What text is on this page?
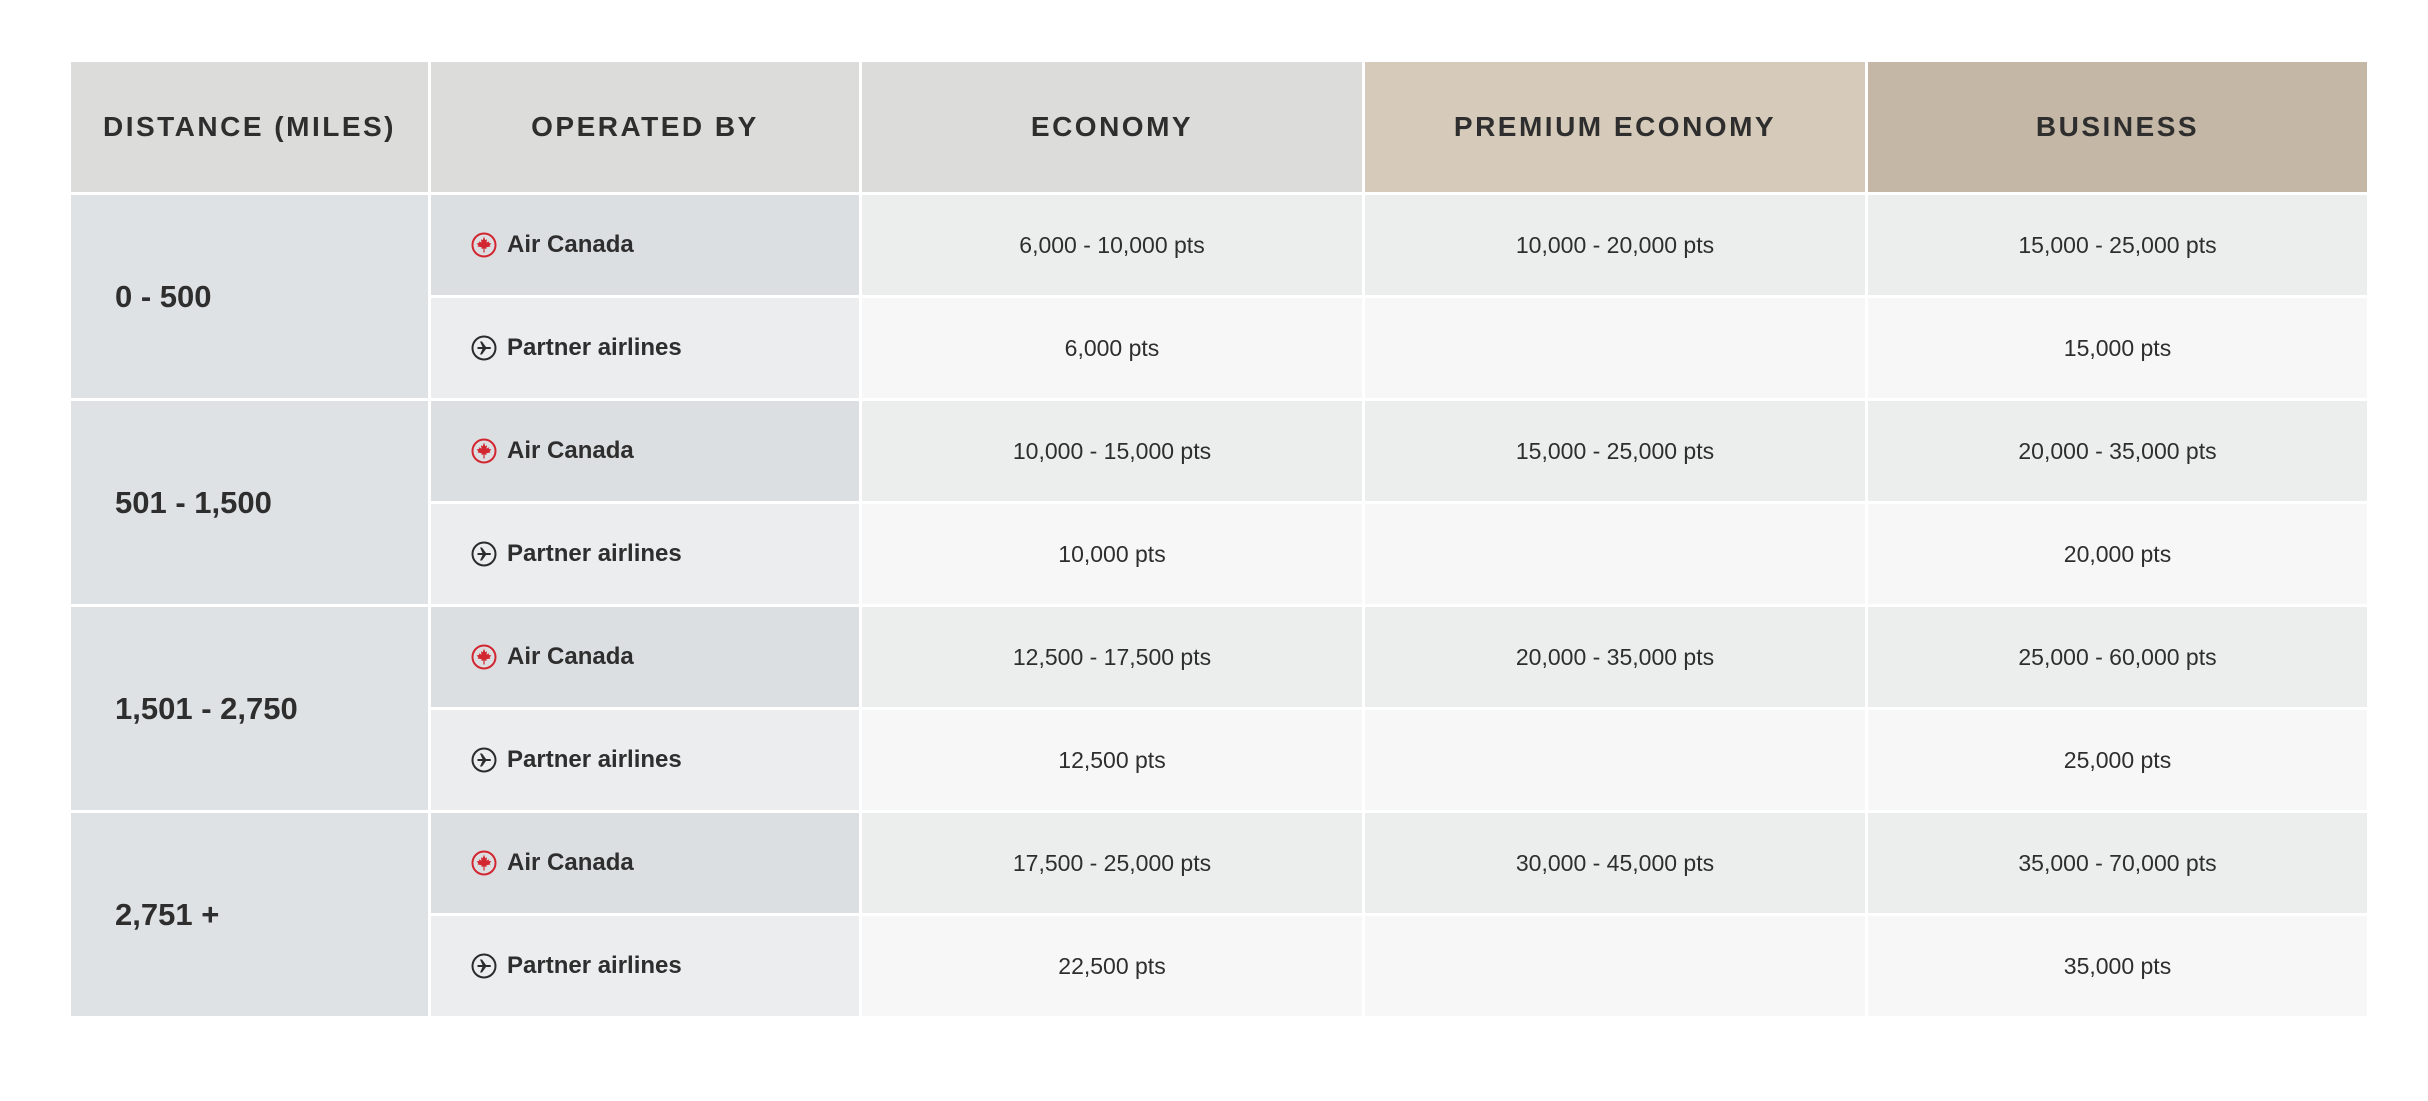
DISTANCE (MILES)	OPERATED BY	ECONOMY	PREMIUM ECONOMY	BUSINESS
0 - 500	Air Canada	6,000 - 10,000 pts	10,000 - 20,000 pts	15,000 - 25,000 pts

	Partner airlines	6,000 pts		15,000 pts
501 - 1,500	Air Canada	10,000 - 15,000 pts	15,000 - 25,000 pts	20,000 - 35,000 pts

	Partner airlines	10,000 pts		20,000 pts
1,501 - 2,750	Air Canada	12,500 - 17,500 pts	20,000 - 35,000 pts	25,000 - 60,000 pts

	Partner airlines	12,500 pts		25,000 pts
2,751 +	Air Canada	17,500 - 25,000 pts	30,000 - 45,000 pts	35,000 - 70,000 pts

	Partner airlines	22,500 pts		35,000 pts
